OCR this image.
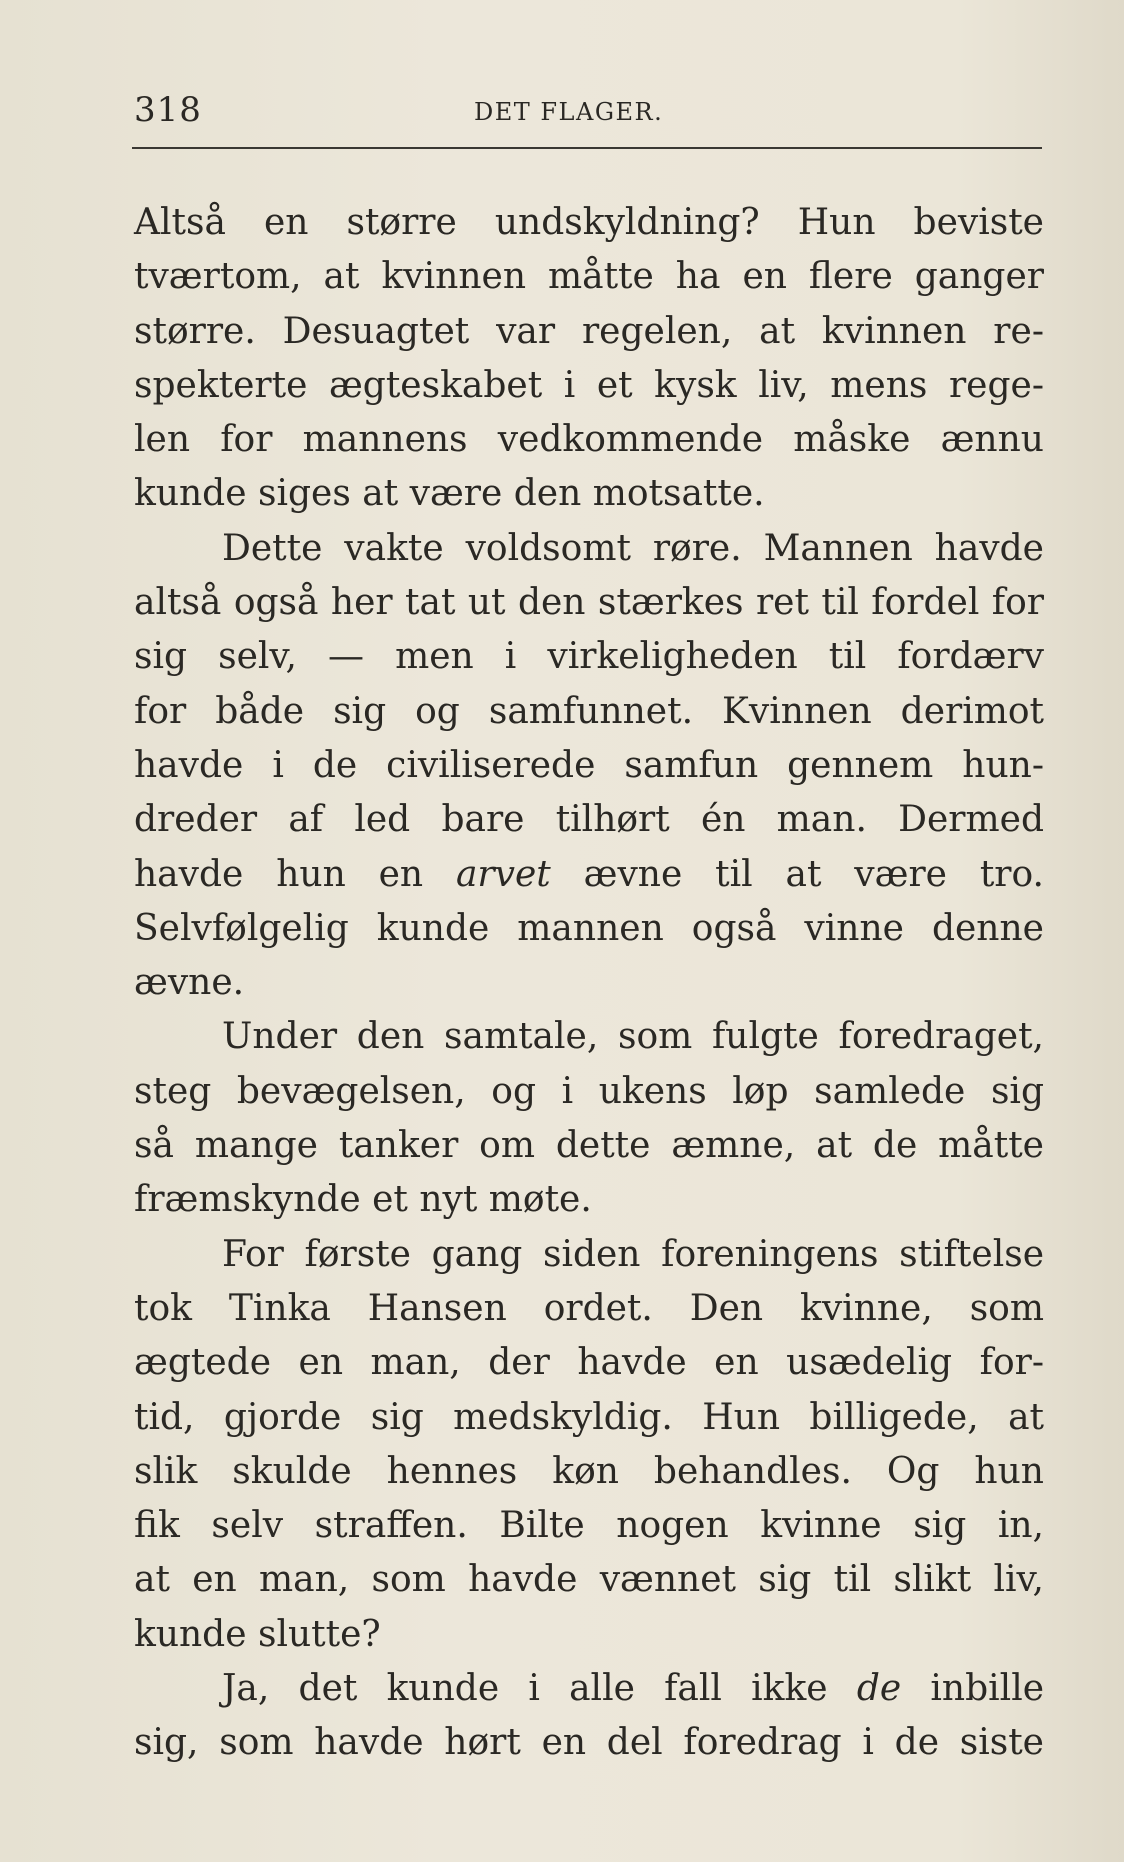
318	DET FLAGER.
Altså en større undskyldning? Hun beviste
tværtom, at kvinnen måtte ha en flere ganger
større. Desuagtet var regelen, at kvinnen re-
spekterte ægteskabet i et kysk liv, mens rege-
len for mannens vedkommende måske ænnu
kunde siges at være den motsatte.
Dette vakte voldsomt røre. Mannen havde
altså også her tat ut den stærkes ret til fordel for
sig selv, — men i virkeligheden til fordærv
for både sig og samfunnet. Kvinnen derimot
havde i de civiliserede samfun gennem hun-
dreder af led bare tilhørt én man. Dermed
havde hun en arvet ævne til at være tro.
Selvfølgelig kunde mannen også vinne denne
ævne.
Under den samtale, som fulgte foredraget,
steg bevægelsen, og i ukens løp samlede sig
så mange tanker om dette æmne, at de måtte
fræmskynde et nyt møte.
For første gang siden foreningens stiftelse
tok Tinka Hansen ordet. Den kvinne, som
ægtede en man, der havde en usædelig for-
tid, gjorde sig medskyldig. Hun billigede, at
slik skulde hennes køn behandles. Og hun
fik selv straffen. Bilte nogen kvinne sig in,
at en man, som havde vænnet sig til slikt liv,
kunde slutte?
Ja, det kunde i alle fall ikke de inbille
sig, som havde hørt en del foredrag i de siste
